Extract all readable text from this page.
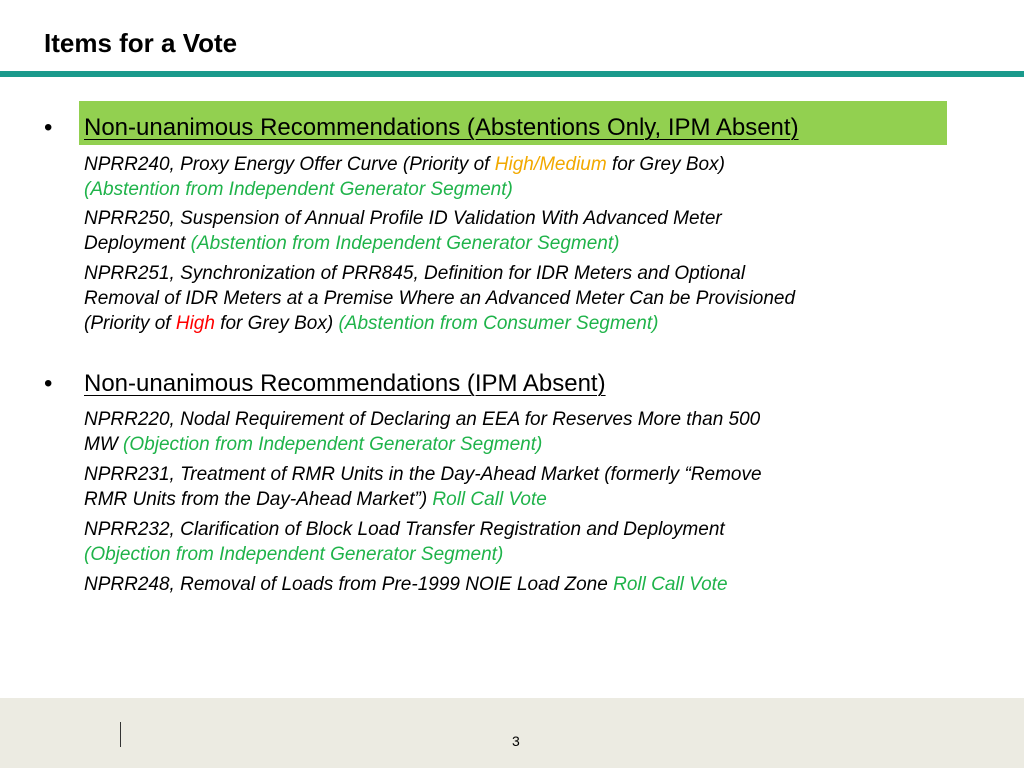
Items for a Vote
• Non-unanimous Recommendations (Abstentions Only, IPM Absent)
NPRR240, Proxy Energy Offer Curve (Priority of High/Medium for Grey Box)
(Abstention from Independent Generator Segment)
NPRR250, Suspension of Annual Profile ID Validation With Advanced Meter
Deployment (Abstention from Independent Generator Segment)
NPRR251, Synchronization of PRR845, Definition for IDR Meters and Optional
Removal of IDR Meters at a Premise Where an Advanced Meter Can be Provisioned
(Priority of High for Grey Box) (Abstention from Consumer Segment)
• Non-unanimous Recommendations (IPM Absent)
NPRR220, Nodal Requirement of Declaring an EEA for Reserves More than 500
MW (Objection from Independent Generator Segment)
NPRR231, Treatment of RMR Units in the Day-Ahead Market (formerly “Remove
RMR Units from the Day-Ahead Market”) Roll Call Vote
NPRR232, Clarification of Block Load Transfer Registration and Deployment
(Objection from Independent Generator Segment)
NPRR248, Removal of Loads from Pre-1999 NOIE Load Zone Roll Call Vote
3
